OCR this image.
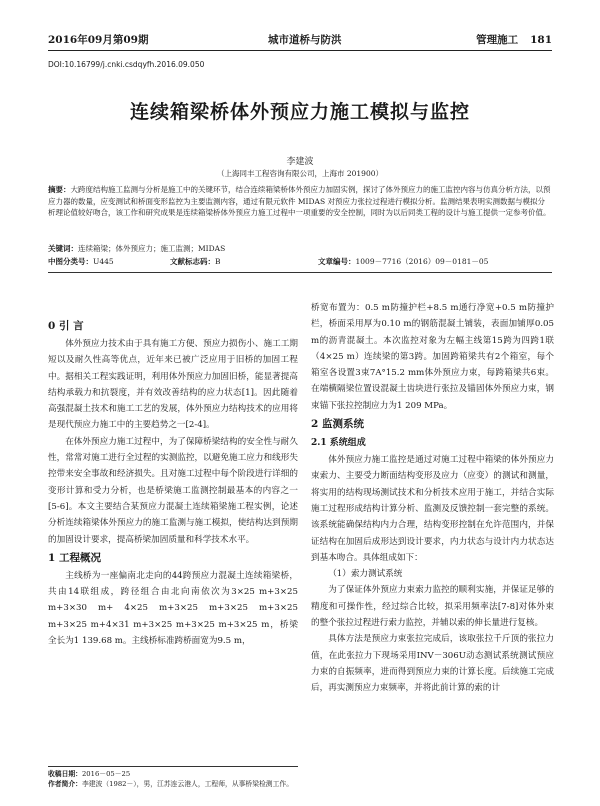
2016年09月第09期	城市道桥与防洪	管理施工 181
DOI:10.16799/j.cnki.csdqyfh.2016.09.050
连续箱梁桥体外预应力施工模拟与监控
李建波
（上海同丰工程咨询有限公司，上海市 201900）
摘要：大跨度结构施工监测与分析是施工中的关键环节，结合连续箱梁桥体外预应力加固实例，探讨了体外预应力的施工监控内容与仿真分析方法，以预应力器的数量，应变测试和桥面变形监控为主要监测内容，通过有限元软件 MIDAS 对预应力张拉过程进行模拟分析。监测结果表明实测数据与模拟分析理论值较好吻合，该工作和研究成果是连续箱梁桥体外预应力施工过程中一项重要的安全控制，同时为以后同类工程的设计与施工提供一定参考价值。
关键词：连续箱梁；体外预应力；施工监测；MIDAS
中图分类号：U445	文献标志码：B	文章编号：1009－7716（2016）09－0181－05
0 引 言

体外预应力技术由于具有施工方便、预应力损伤小、施工工期短以及耐久性高等优点，近年来已被广泛应用于旧桥的加固工程中。据相关工程实践证明，利用体外预应力加固旧桥，能显著提高结构承载力和抗裂度，并有效改善结构的应力状态[1]。因此随着高强混凝土技术和施工工艺的发展，体外预应力结构技术的应用将是现代预应力施工中的主要趋势之一[2-4]。

在体外预应力施工过程中，为了保障桥梁结构的安全性与耐久性，常常对施工进行全过程的实测监控，以避免施工应力和线形失控带来安全事故和经济损失。且对施工过程中每个阶段进行详细的变形计算和受力分析，也是桥梁施工监测控制最基本的内容之一[5-6]。本文主要结合某预应力混凝土连续箱梁施工程实例，论述分析连续箱梁体外预应力的施工监测与施工模拟，使结构达到预期的加固设计要求，提高桥梁加固质量和科学技术水平。

1 工程概况

主线桥为一座偏南北走向的44跨预应力混凝土连续箱梁桥，共由14联组成，跨径组合由北向南依次为3×25 m+3×25 m+3×30 m+ 4×25 m+3×25 m+3×25 m+3×25 m+3×25 m+4×31 m+3×25 m+3×25 m+3×25 m，桥梁全长为1 139.68 m。主线桥标准跨桥面宽为9.5 m，

桥宽布置为：0.5 m防撞护栏+8.5 m通行净宽+0.5 m防撞护栏，桥面采用厚为0.10 m的钢筋混凝土铺装，表面加铺厚0.05 m的沥青混凝土。本次监控对象为左幅主线第15跨为四跨1联（4×25 m）连续梁的第3跨。加固跨箱梁共有2个箱室，每个箱室各设置3束7A°15.2 mm体外预应力束，每跨箱梁共6束。在端横隔梁位置设混凝土齿块进行张拉及锚固体外预应力束，钢束锚下张拉控制应力为1 209 MPa。

2 监测系统
2.1 系统组成

体外预应力施工监控是通过对施工过程中箱梁的体外预应力束索力、主要受力断面结构变形及应力（应变）的测试和测量，将实用的结构现场测试技术和分析技术应用于施工，并结合实际施工过程形成结构计算分析、监测及反馈控制一套完整的系统。该系统能确保结构内力合理，结构变形控制在允许范围内，并保证结构在加固后成形达到设计要求，内力状态与设计内力状态达到基本吻合。具体组成如下：

（1）索力测试系统

为了保证体外预应力束索力监控的顺利实施，并保证足够的精度和可操作性，经过综合比较，拟采用频率法[7-8]对体外束的整个张拉过程进行索力监控，并辅以索的伸长量进行复核。

具体方法是预应力束张拉完成后，该取张拉千斤顶的张拉力值，在此张拉力下现场采用INV－306U动态测试系统测试预应力束的自振频率，进而得到预应力束的计算长度。后续施工完成后，再实测预应力束频率，并将此前计算的索的计

收稿日期：2016－05－25
作者简介：李建波（1982－），男，江苏连云港人，工程师，从事桥梁检测工作。
